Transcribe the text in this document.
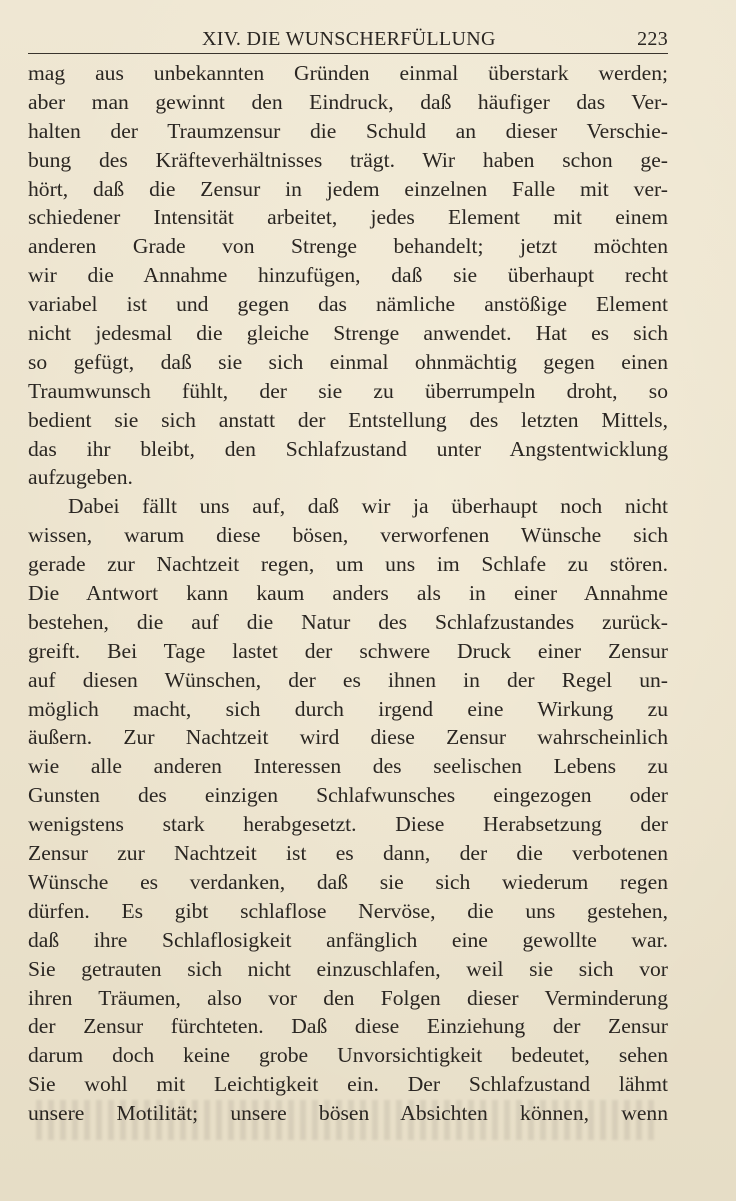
XIV. DIE WUNSCHERFÜLLUNG	223
mag aus unbekannten Gründen einmal überstark werden;
aber man gewinnt den Eindruck, daß häufiger das Ver-
halten der Traumzensur die Schuld an dieser Verschie-
bung des Kräfteverhältnisses trägt. Wir haben schon ge-
hört, daß die Zensur in jedem einzelnen Falle mit ver-
schiedener Intensität arbeitet, jedes Element mit einem
anderen Grade von Strenge behandelt; jetzt möchten
wir die Annahme hinzufügen, daß sie überhaupt recht
variabel ist und gegen das nämliche anstößige Element
nicht jedesmal die gleiche Strenge anwendet. Hat es sich
so gefügt, daß sie sich einmal ohnmächtig gegen einen
Traumwunsch fühlt, der sie zu überrumpeln droht, so
bedient sie sich anstatt der Entstellung des letzten Mittels,
das ihr bleibt, den Schlafzustand unter Angstentwicklung
aufzugeben.
Dabei fällt uns auf, daß wir ja überhaupt noch nicht
wissen, warum diese bösen, verworfenen Wünsche sich
gerade zur Nachtzeit regen, um uns im Schlafe zu stören.
Die Antwort kann kaum anders als in einer Annahme
bestehen, die auf die Natur des Schlafzustandes zurück-
greift. Bei Tage lastet der schwere Druck einer Zensur
auf diesen Wünschen, der es ihnen in der Regel un-
möglich macht, sich durch irgend eine Wirkung zu
äußern. Zur Nachtzeit wird diese Zensur wahrscheinlich
wie alle anderen Interessen des seelischen Lebens zu
Gunsten des einzigen Schlafwunsches eingezogen oder
wenigstens stark herabgesetzt. Diese Herabsetzung der
Zensur zur Nachtzeit ist es dann, der die verbotenen
Wünsche es verdanken, daß sie sich wiederum regen
dürfen. Es gibt schlaflose Nervöse, die uns gestehen,
daß ihre Schlaflosigkeit anfänglich eine gewollte war.
Sie getrauten sich nicht einzuschlafen, weil sie sich vor
ihren Träumen, also vor den Folgen dieser Verminderung
der Zensur fürchteten. Daß diese Einziehung der Zensur
darum doch keine grobe Unvorsichtigkeit bedeutet, sehen
Sie wohl mit Leichtigkeit ein. Der Schlafzustand lähmt
unsere Motilität; unsere bösen Absichten können, wenn
